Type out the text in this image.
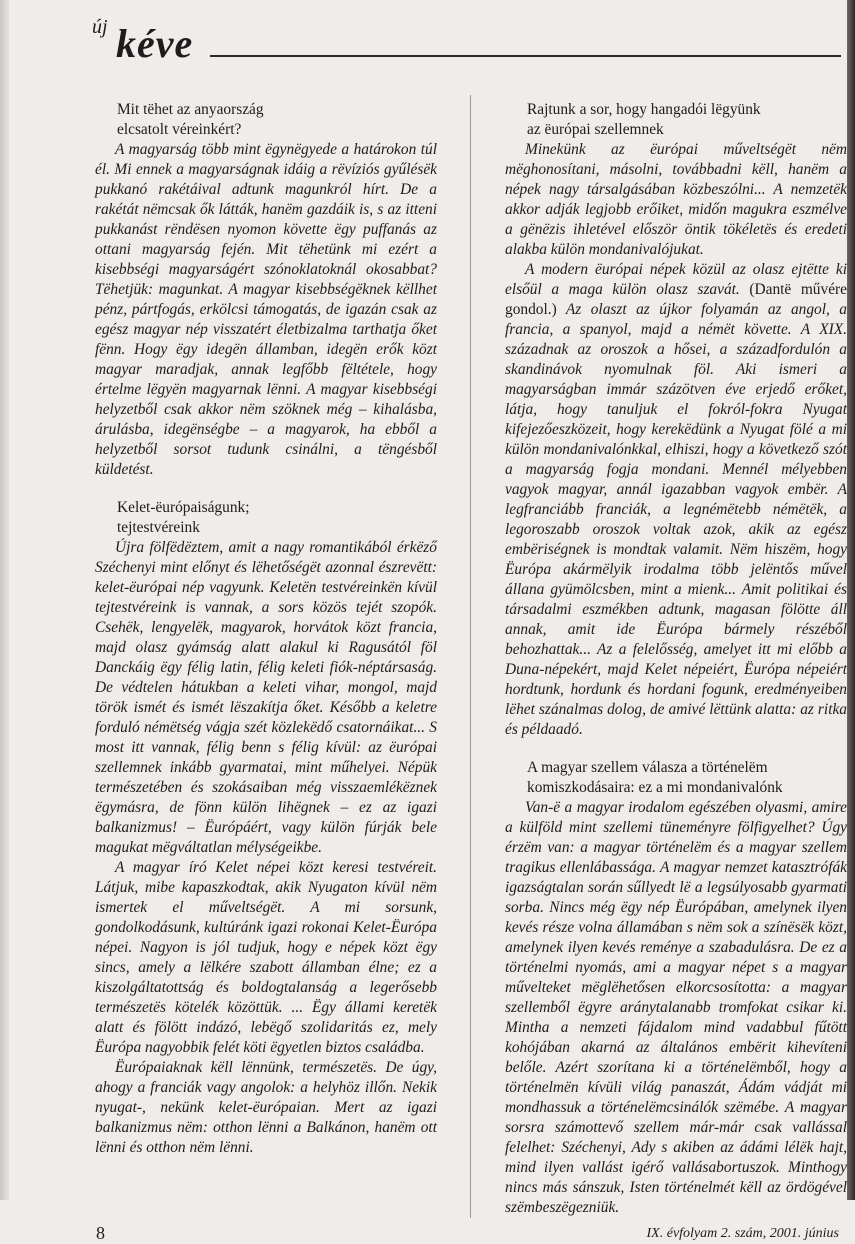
új kéve
Mit tëhet az anyaország
elcsatolt véreinkért?

A magyarság több mint ëgynëgyede a határokon túl él. Mi ennek a magyarságnak idáig a rëvíziós gyűlésëk pukkanó rakétáival adtunk magunkról hírt. De a rakétát nëmcsak ők látták, hanëm gazdáik is, s az itteni pukkanást rëndësen nyomon követte ëgy puffanás az ottani magyarság fején. Mit tëhetünk mi ezért a kisebbségi magyarságért szónoklatoknál okosabbat? Tëhetjük: magunkat. A magyar kisebbségëknek këllhet pénz, pártfogás, erkölcsi támogatás, de igazán csak az egész magyar nép visszatért életbizalma tarthatja őket fënn. Hogy ëgy idegën államban, idegën erők közt magyar maradjak, annak legfőbb fëltétele, hogy értelme lëgyën magyarnak lënni. A magyar kisebbségi helyzetből csak akkor nëm szöknek még – kihalásba, árulásba, idegënségbe – a magyarok, ha ebből a helyzetből sorsot tudunk csinálni, a tëngésből küldetést.

Kelet-ëurópaiságunk;
tejtestvéreink

Újra fölfëdëztem, amit a nagy romantikából érkëző Széchenyi mint előnyt és lëhetőségët azonnal észrevëtt: kelet-ëurópai nép vagyunk. Keletën testvéreinkën kívül tejtestvéreink is vannak, a sors közös tejét szopók. Csehëk, lengyelëk, magyarok, horvátok közt francia, majd olasz gyámság alatt alakul ki Ragusától föl Danckáig ëgy félig latin, félig keleti fiók-néptársaság. De védtelen hátukban a keleti vihar, mongol, majd török ismét és ismét lëszakítja őket. Később a keletre forduló némëtség vágja szét közlekëdő csatornáikat... S most itt vannak, félig benn s félig kívül: az ëurópai szellemnek inkább gyarmatai, mint műhelyei. Népük természetében és szokásaiban még visszaemlékëznek ëgymásra, de fönn külön lihëgnek – ez az igazi balkanizmus! – Ëurópáért, vagy külön fúrják bele magukat mëgváltatlan mélységeikbe.

A magyar író Kelet népei közt keresi testvéreit. Látjuk, mibe kapaszkodtak, akik Nyugaton kívül nëm ismertek el műveltségët. A mi sorsunk, gondolkodásunk, kultúránk igazi rokonai Kelet-Ëurópa népei. Nagyon is jól tudjuk, hogy e népek közt ëgy sincs, amely a lëlkére szabott államban élne; ez a kiszolgáltatottság és boldogtalanság a legerősebb természetës kötelék közöttük. ... Ëgy állami keretëk alatt és fölött indázó, lebëgő szolidaritás ez, mely Ëurópa nagyobbik felét köti ëgyetlen biztos családba.

Ëurópaiaknak këll lënnünk, természetës. De úgy, ahogy a franciák vagy angolok: a helyhöz illőn. Nekik nyugat-, nekünk kelet-ëurópaian. Mert az igazi balkanizmus nëm: otthon lënni a Balkánon, hanëm ott lënni és otthon nëm lënni.

Rajtunk a sor, hogy hangadói lëgyünk
az ëurópai szellemnek

Minekünk az ëurópai műveltségët nëm mëghonosítani, másolni, továbbadni këll, hanëm a népek nagy társalgásában közbeszólni... A nemzetëk akkor adják legjobb erőiket, midőn magukra eszmélve a gënëzis ihletével először öntik tökéletës és eredeti alakba külön mondanivalójukat.

A modern ëurópai népek közül az olasz ejtëtte ki elsőül a maga külön olasz szavát. (Dantë művére gondol.) Az olaszt az újkor folyamán az angol, a francia, a spanyol, majd a némët követte. A XIX. századnak az oroszok a hősei, a századfordulón a skandinávok nyomulnak föl. Aki ismeri a magyarságban immár százötven éve erjedő erőket, látja, hogy tanuljuk el fokról-fokra Nyugat kifejezőeszközeit, hogy kerekëdünk a Nyugat fölé a mi külön mondanivalónkkal, elhiszi, hogy a következő szót a magyarság fogja mondani. Mennél mélyebben vagyok magyar, annál igazabban vagyok embër. A legfranciább franciák, a legnémëtebb némëtëk, a legoroszabb oroszok voltak azok, akik az egész embëriségnek is mondtak valamit. Nëm hiszëm, hogy Ëurópa akármëlyik irodalma több jelëntős művel állana gyümölcsben, mint a mienk... Amit politikai és társadalmi eszmékben adtunk, magasan fölötte áll annak, amit ide Ëurópa bármely részéből behozhattak... Az a felelősség, amelyet itt mi előbb a Duna-népekért, majd Kelet népeiért, Ëurópa népeiért hordtunk, hordunk és hordani fogunk, eredményeiben lëhet szánalmas dolog, de amivé lëttünk alatta: az ritka és példaadó.

A magyar szellem válasza a történelëm
komiszkodásaira: ez a mi mondanivalónk

Van-ë a magyar irodalom egészében olyasmi, amire a külföld mint szellemi tüneményre fölfigyelhet? Úgy érzëm van: a magyar történelëm és a magyar szellem tragikus ellenlábassága. A magyar nemzet katasztrófák igazságtalan során sűllyedt lë a legsúlyosabb gyarmati sorba. Nincs még ëgy nép Ëurópában, amelynek ilyen kevés része volna államában s nëm sok a színësëk közt, amelynek ilyen kevés reménye a szabadulásra. De ez a történelmi nyomás, ami a magyar népet s a magyar művelteket mëglëhetősen elkorcsosította: a magyar szellemből ëgyre aránytalanabb tromfokat csikar ki. Mintha a nemzeti fájdalom mind vadabbul fűtött kohójában akarná az általános embërit kihevíteni belőle. Azért szorítana ki a történelëmből, hogy a történelmën kívüli világ panaszát, Ádám vádját mi mondhassuk a történelëmcsinálók szëmébe. A magyar sorsra számottevő szellem már-már csak vallással felelhet: Széchenyi, Ady s akiben az ádámi lélëk hajt, mind ilyen vallást igérő vallásabortuszok. Minthogy nincs más sánszuk, Isten történelmét këll az ördögével szëmbeszëgezniük.

8	IX. évfolyam 2. szám, 2001. június
